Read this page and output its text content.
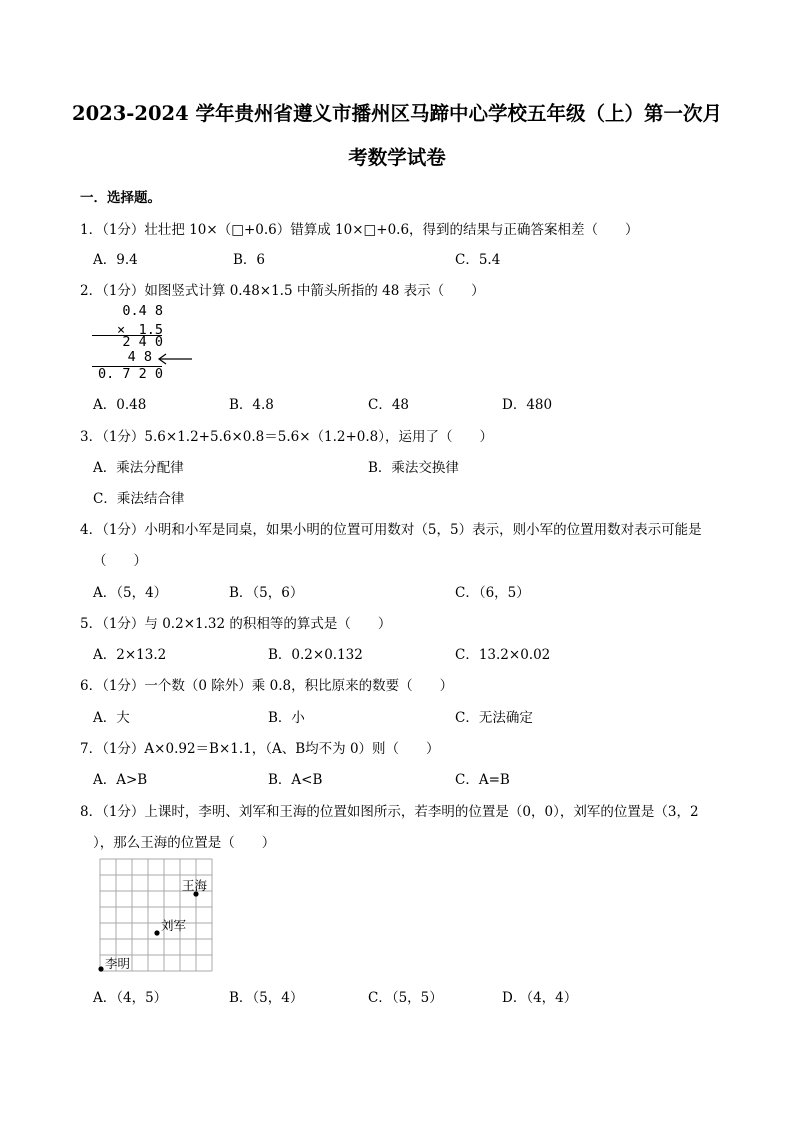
2023-2024 学年贵州省遵义市播州区马蹄中心学校五年级（上）第一次月
考数学试卷
一．选择题。
1．（1分）壮壮把 10×（□+0.6）错算成 10×□+0.6，得到的结果与正确答案相差（　　）
A．9.4	B．6	C．5.4
2．（1分）如图竖式计算 0.48×1.5 中箭头所指的 48 表示（　　）
0.4 8
×　1.5
2 4 0
4 8
0. 7 2 0
A．0.48	B．4.8	C．48	D．480
3．（1分）5.6×1.2+5.6×0.8＝5.6×（1.2+0.8），运用了（　　）
A．乘法分配律	B．乘法交换律
C．乘法结合律
4．（1分）小明和小军是同桌，如果小明的位置可用数对（5，5）表示，则小军的位置用数对表示可能是
（　　）
A．（5，4）	B．（5，6）	C．（6，5）
5．（1分）与 0.2×1.32 的积相等的算式是（　　）
A．2×13.2	B．0.2×0.132	C．13.2×0.02
6．（1分）一个数（0 除外）乘 0.8，积比原来的数要（　　）
A．大	B．小	C．无法确定
7．（1分）A×0.92＝B×1.1，（A、B均不为 0）则（　　）
A．A>B	B．A<B	C．A=B
8．（1分）上课时，李明、刘军和王海的位置如图所示，若李明的位置是（0，0），刘军的位置是（3，2
），那么王海的位置是（　　）
王海
刘军
李明
A．（4，5）	B．（5，4）	C．（5，5）	D．（4，4）
